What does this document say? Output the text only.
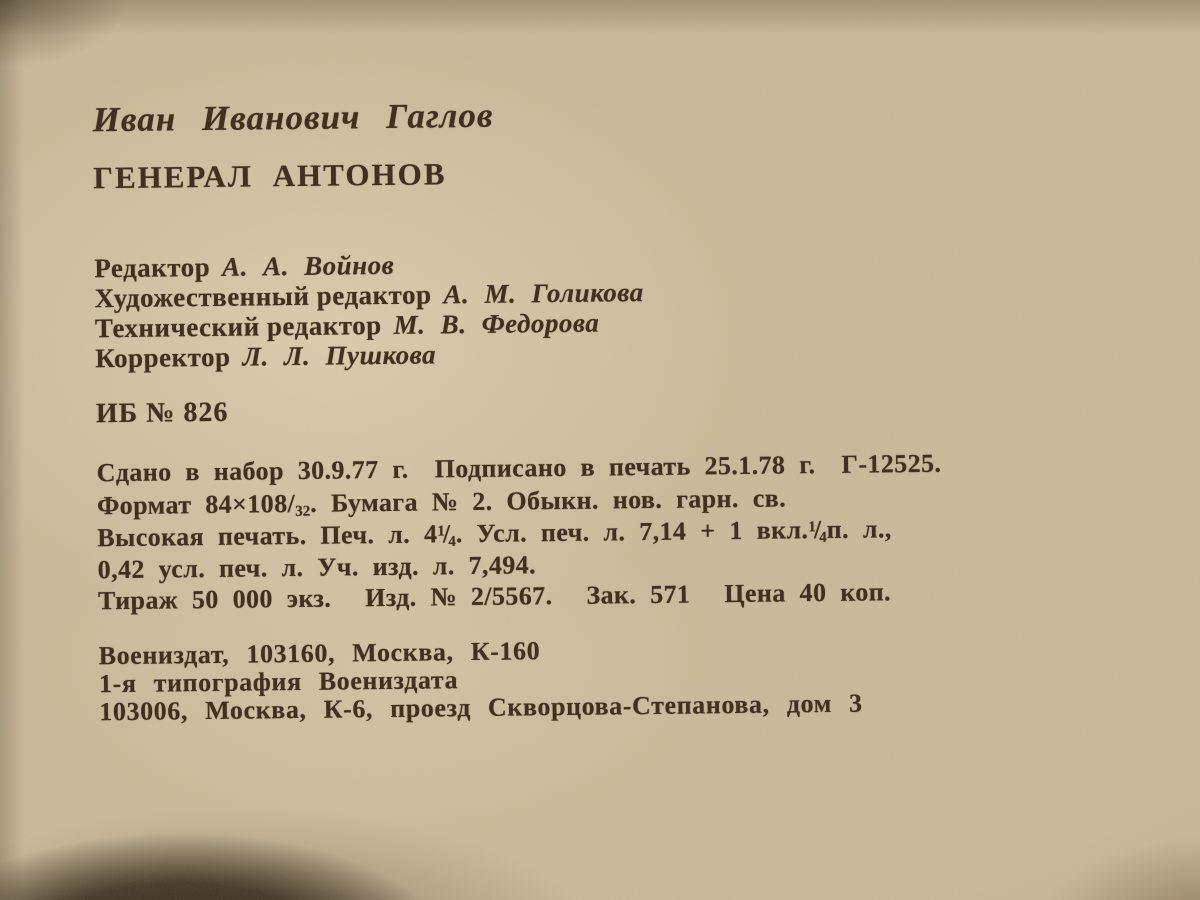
Иван Иванович Гаглов
ГЕНЕРАЛ АНТОНОВ
Редактор А. А. Войнов
Художественный редактор А. М. Голикова
Технический редактор М. В. Федорова
Корректор Л. Л. Пушкова
ИБ № 826
Сдано в набор 30.9.77 г. Подписано в печать 25.1.78 г. Г-12525.
Формат $84\times 108/_{32}$. Бумага № 2. Обыкн. нов. гарн. св.
Высокая печать. Печ. л. $4^1/_4$. Усл. печ. л. 7,14 + 1 $вкл.^1/_4п$. л.,
0,42 усл. печ. л. Уч. изд. л. 7,494.
Тираж 50 000 экз. Изд. № 2/5567. Зак. 571 Цена 40 коп.
Воениздат, 103160, Москва, К-160
1-я типография Воениздата
103006, Москва, К-6, проезд Скворцова-Степанова, дом 3
